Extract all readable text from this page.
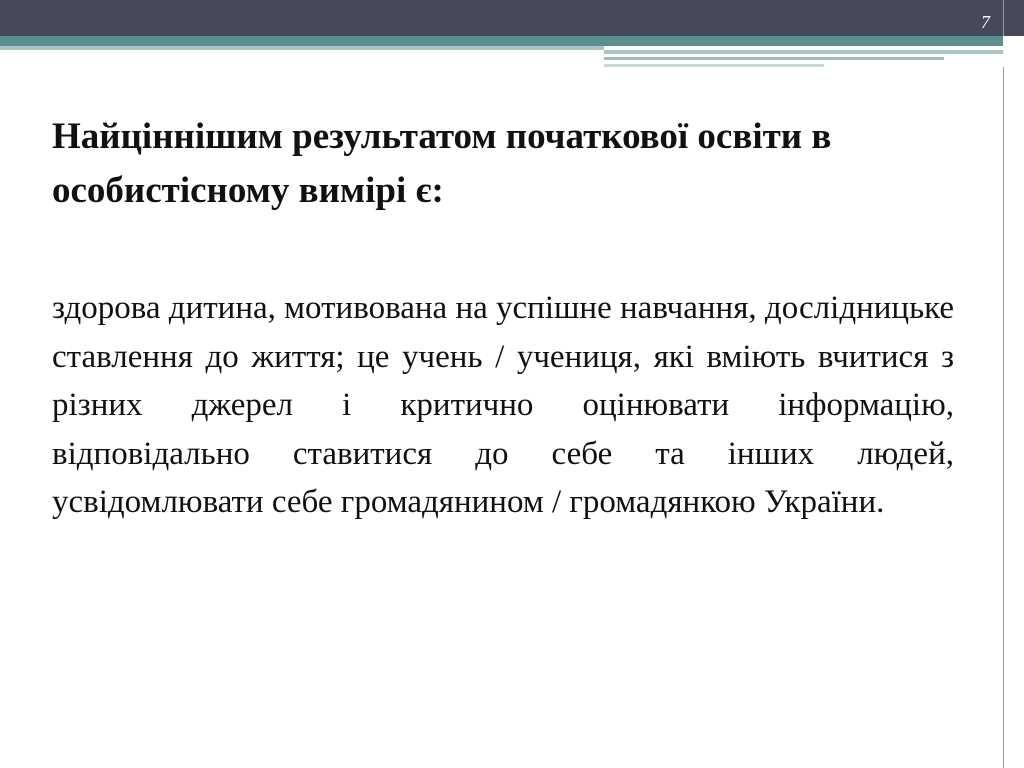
7
Найціннішим результатом початкової освіти в особистісному вимірі є:

здорова дитина, мотивована на успішне навчання, дослідницьке ставлення до життя; це учень / учениця, які вміють вчитися з різних джерел і критично оцінювати інформацію, відповідально ставитися до себе та інших людей, усвідомлювати себе громадянином / громадянкою України.
